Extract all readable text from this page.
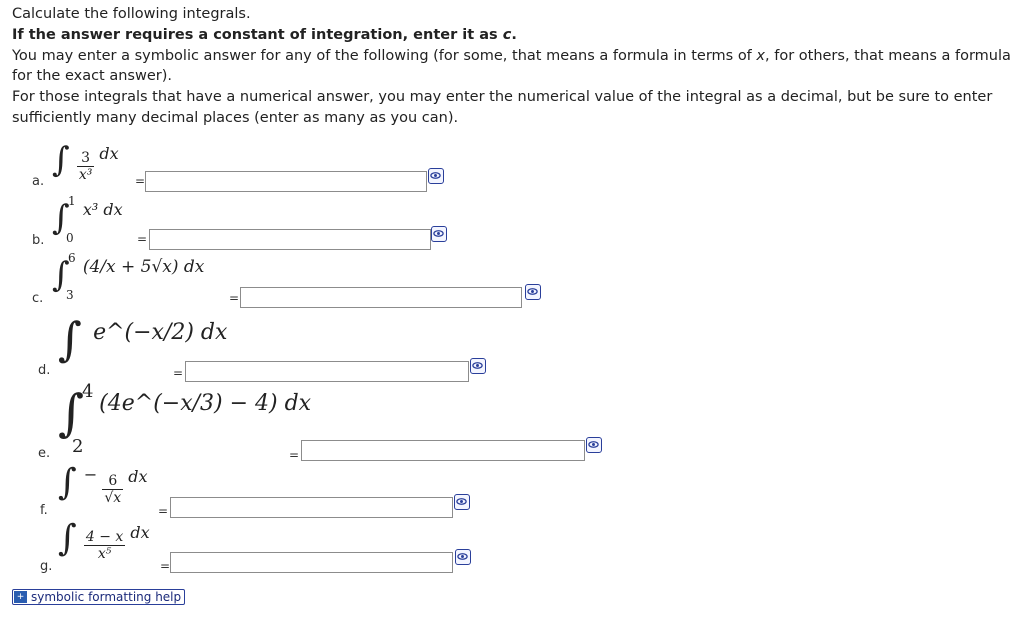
Calculate the following integrals.

If the answer requires a constant of integration, enter it as c.

You may enter a symbolic answer for any of the following (for some, that means a formula in terms of x, for others, that means a formula for the exact answer).

For those integrals that have a numerical answer, you may enter the numerical value of the integral as a decimal, but be sure to enter sufficiently many decimal places (enter as many as you can).

a.
∫ $\frac{3}{\text{x³}}$ dx
=
b.
∫
1
0
x³ dx
=
c.
∫
6
3
(4/x + 5√x) dx
=
d.
∫ e^(−x/2) dx
=
e.
∫
4
2
(4e^(−x/3) − 4) dx
=
f.
∫ − $\frac{6}{√x}$ dx
=
g.
∫ $\frac{4 - x}{\text{x⁵}}$ dx
=
+ symbolic formatting help
